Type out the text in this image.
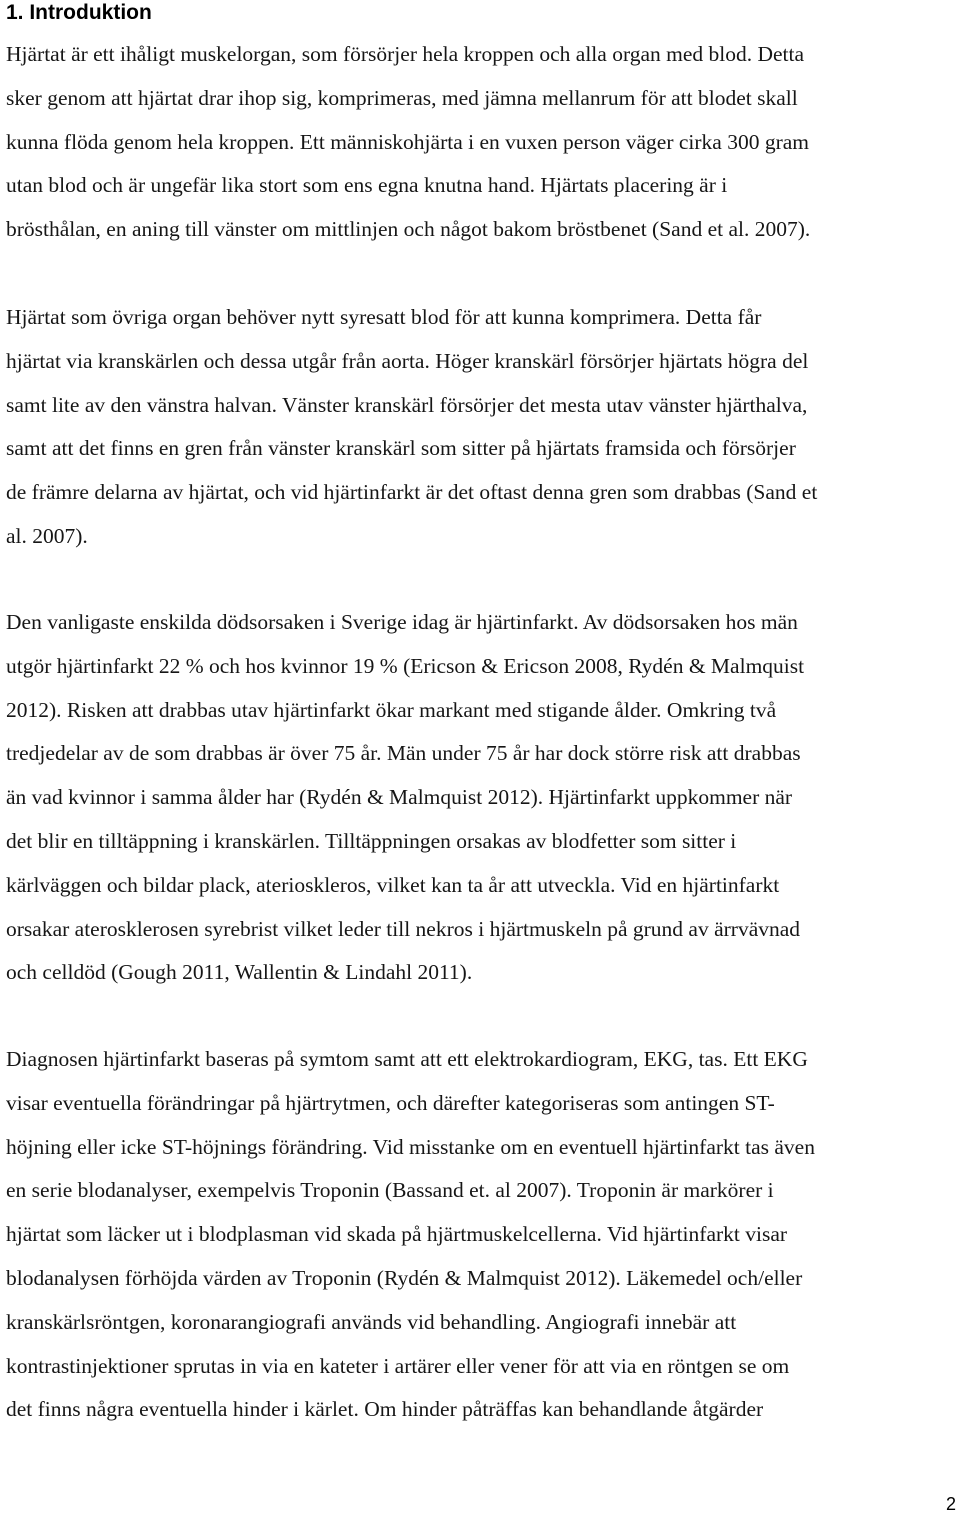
1. Introduktion

Hjärtat är ett ihåligt muskelorgan, som försörjer hela kroppen och alla organ med blod. Detta
sker genom att hjärtat drar ihop sig, komprimeras, med jämna mellanrum för att blodet skall
kunna flöda genom hela kroppen. Ett människohjärta i en vuxen person väger cirka 300 gram
utan blod och är ungefär lika stort som ens egna knutna hand. Hjärtats placering är i
brösthålan, en aning till vänster om mittlinjen och något bakom bröstbenet (Sand et al. 2007).

Hjärtat som övriga organ behöver nytt syresatt blod för att kunna komprimera. Detta får
hjärtat via kranskärlen och dessa utgår från aorta. Höger kranskärl försörjer hjärtats högra del
samt lite av den vänstra halvan. Vänster kranskärl försörjer det mesta utav vänster hjärthalva,
samt att det finns en gren från vänster kranskärl som sitter på hjärtats framsida och försörjer
de främre delarna av hjärtat, och vid hjärtinfarkt är det oftast denna gren som drabbas (Sand et
al. 2007).

Den vanligaste enskilda dödsorsaken i Sverige idag är hjärtinfarkt. Av dödsorsaken hos män
utgör hjärtinfarkt 22 % och hos kvinnor 19 % (Ericson & Ericson 2008, Rydén & Malmquist
2012). Risken att drabbas utav hjärtinfarkt ökar markant med stigande ålder. Omkring två
tredjedelar av de som drabbas är över 75 år. Män under 75 år har dock större risk att drabbas
än vad kvinnor i samma ålder har (Rydén & Malmquist 2012). Hjärtinfarkt uppkommer när
det blir en tilltäppning i kranskärlen. Tilltäppningen orsakas av blodfetter som sitter i
kärlväggen och bildar plack, aterioskleros, vilket kan ta år att utveckla. Vid en hjärtinfarkt
orsakar aterosklerosen syrebrist vilket leder till nekros i hjärtmuskeln på grund av ärrvävnad
och celldöd (Gough 2011, Wallentin & Lindahl 2011).

Diagnosen hjärtinfarkt baseras på symtom samt att ett elektrokardiogram, EKG, tas. Ett EKG
visar eventuella förändringar på hjärtrytmen, och därefter kategoriseras som antingen ST-
höjning eller icke ST-höjnings förändring. Vid misstanke om en eventuell hjärtinfarkt tas även
en serie blodanalyser, exempelvis Troponin (Bassand et. al 2007). Troponin är markörer i
hjärtat som läcker ut i blodplasman vid skada på hjärtmuskelcellerna. Vid hjärtinfarkt visar
blodanalysen förhöjda värden av Troponin (Rydén & Malmquist 2012). Läkemedel och/eller
kranskärlsröntgen, koronarangiografi används vid behandling. Angiografi innebär att
kontrastinjektioner sprutas in via en kateter i artärer eller vener för att via en röntgen se om
det finns några eventuella hinder i kärlet. Om hinder påträffas kan behandlande åtgärder

2
